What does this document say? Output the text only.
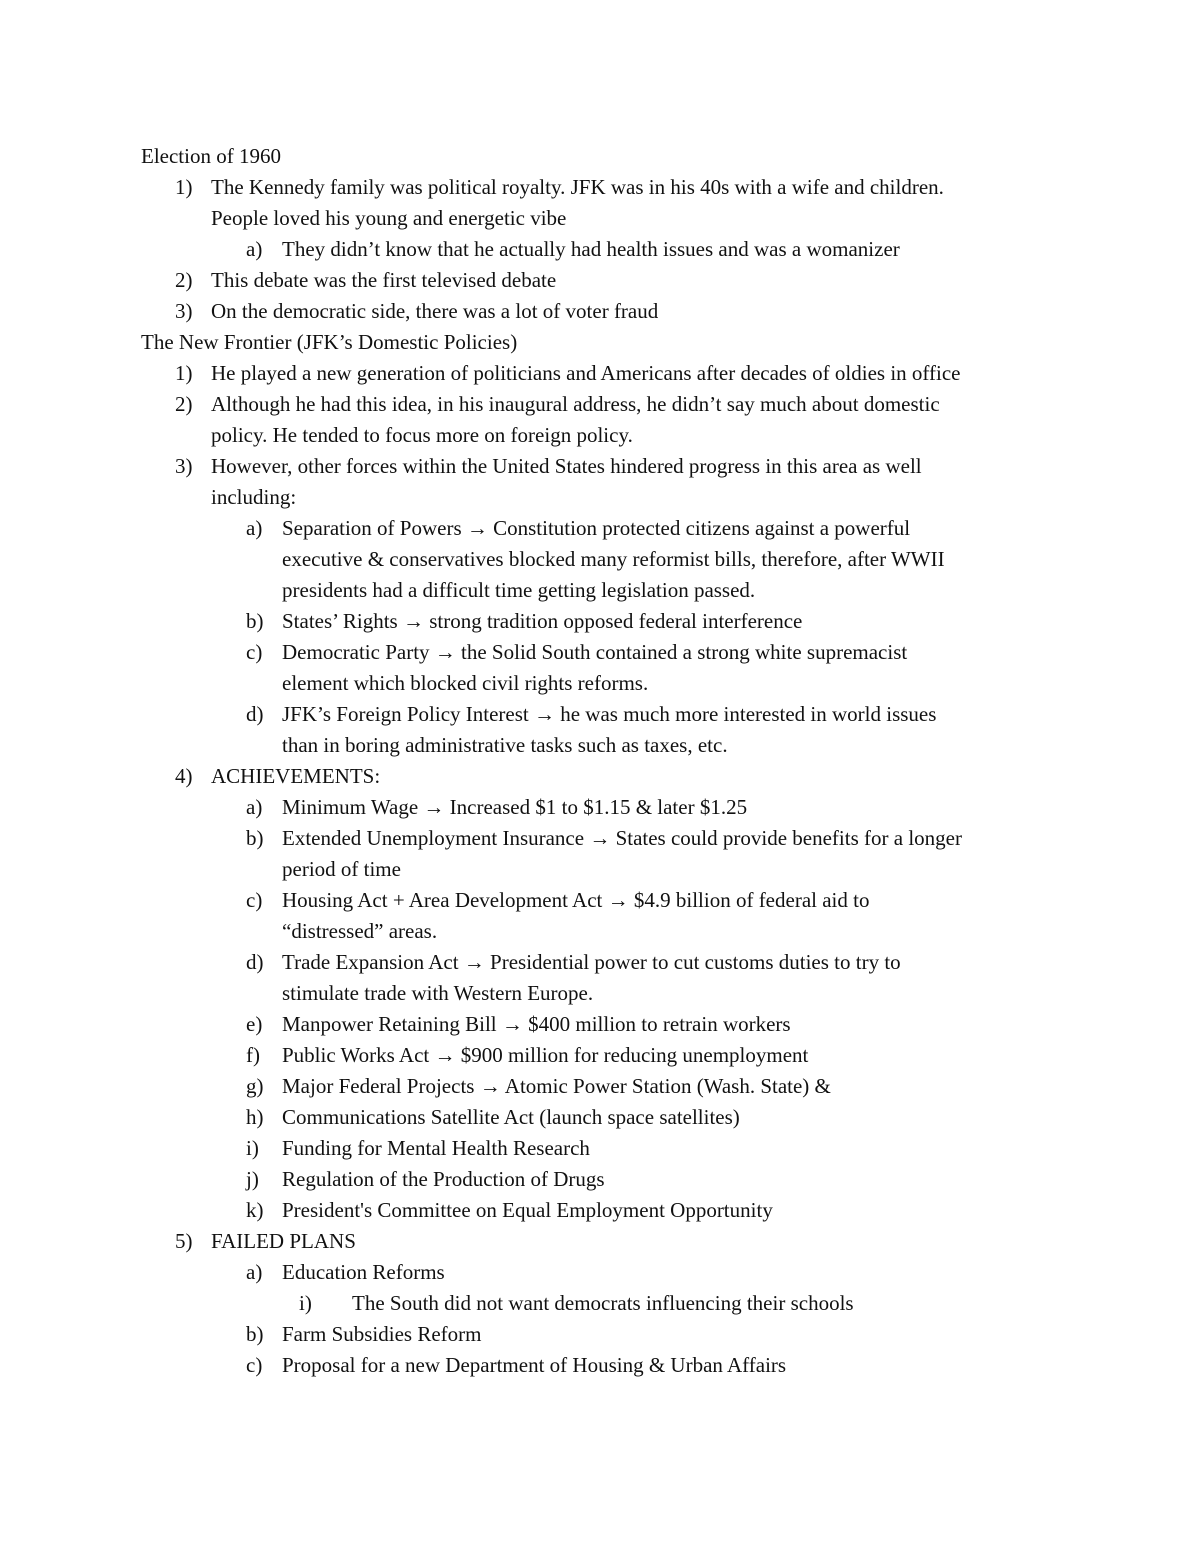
Election of 1960
1) The Kennedy family was political royalty. JFK was in his 40s with a wife and children.
People loved his young and energetic vibe
a) They didn’t know that he actually had health issues and was a womanizer
2) This debate was the first televised debate
3) On the democratic side, there was a lot of voter fraud
The New Frontier (JFK’s Domestic Policies)
1) He played a new generation of politicians and Americans after decades of oldies in office
2) Although he had this idea, in his inaugural address, he didn’t say much about domestic
policy. He tended to focus more on foreign policy.
3) However, other forces within the United States hindered progress in this area as well
including:
a) Separation of Powers → Constitution protected citizens against a powerful
executive & conservatives blocked many reformist bills, therefore, after WWII
presidents had a difficult time getting legislation passed.
b) States’ Rights → strong tradition opposed federal interference
c) Democratic Party → the Solid South contained a strong white supremacist
element which blocked civil rights reforms.
d) JFK’s Foreign Policy Interest → he was much more interested in world issues
than in boring administrative tasks such as taxes, etc.
4) ACHIEVEMENTS:
a) Minimum Wage → Increased $1 to $1.15 & later $1.25
b) Extended Unemployment Insurance → States could provide benefits for a longer
period of time
c) Housing Act + Area Development Act → $4.9 billion of federal aid to
“distressed” areas.
d) Trade Expansion Act → Presidential power to cut customs duties to try to
stimulate trade with Western Europe.
e) Manpower Retaining Bill → $400 million to retrain workers
f) Public Works Act → $900 million for reducing unemployment
g) Major Federal Projects → Atomic Power Station (Wash. State) &
h) Communications Satellite Act (launch space satellites)
i) Funding for Mental Health Research
j) Regulation of the Production of Drugs
k) President's Committee on Equal Employment Opportunity
5) FAILED PLANS
a) Education Reforms
i) The South did not want democrats influencing their schools
b) Farm Subsidies Reform
c) Proposal for a new Department of Housing & Urban Affairs
